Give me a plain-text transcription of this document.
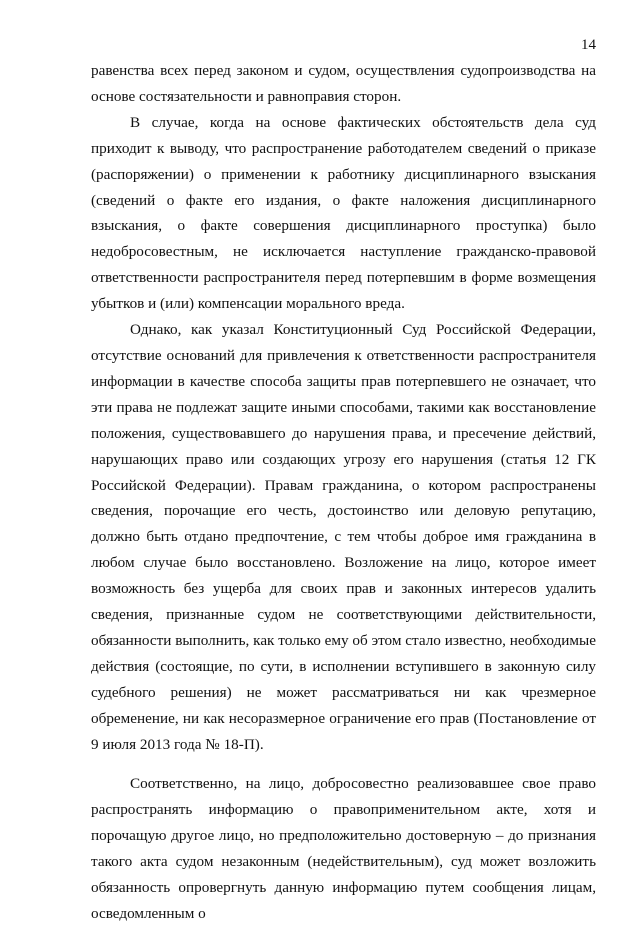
14

равенства всех перед законом и судом, осуществления судопроизводства на основе состязательности и равноправия сторон.

В случае, когда на основе фактических обстоятельств дела суд приходит к выводу, что распространение работодателем сведений о приказе (распоряжении) о применении к работнику дисциплинарного взыскания (сведений о факте его издания, о факте наложения дисциплинарного взыскания, о факте совершения дисциплинарного проступка) было недобросовестным, не исключается наступление гражданско-правовой ответственности распространителя перед потерпевшим в форме возмещения убытков и (или) компенсации морального вреда.

Однако, как указал Конституционный Суд Российской Федерации, отсутствие оснований для привлечения к ответственности распространителя информации в качестве способа защиты прав потерпевшего не означает, что эти права не подлежат защите иными способами, такими как восстановление положения, существовавшего до нарушения права, и пресечение действий, нарушающих право или создающих угрозу его нарушения (статья 12 ГК Российской Федерации). Правам гражданина, о котором распространены сведения, порочащие его честь, достоинство или деловую репутацию, должно быть отдано предпочтение, с тем чтобы доброе имя гражданина в любом случае было восстановлено. Возложение на лицо, которое имеет возможность без ущерба для своих прав и законных интересов удалить сведения, признанные судом не соответствующими действительности, обязанности выполнить, как только ему об этом стало известно, необходимые действия (состоящие, по сути, в исполнении вступившего в законную силу судебного решения) не может рассматриваться ни как чрезмерное обременение, ни как несоразмерное ограничение его прав (Постановление от 9 июля 2013 года № 18-П).

Соответственно, на лицо, добросовестно реализовавшее свое право распространять информацию о правоприменительном акте, хотя и порочащую другое лицо, но предположительно достоверную – до признания такого акта судом незаконным (недействительным), суд может возложить обязанность опровергнуть данную информацию путем сообщения лицам, осведомленным о
